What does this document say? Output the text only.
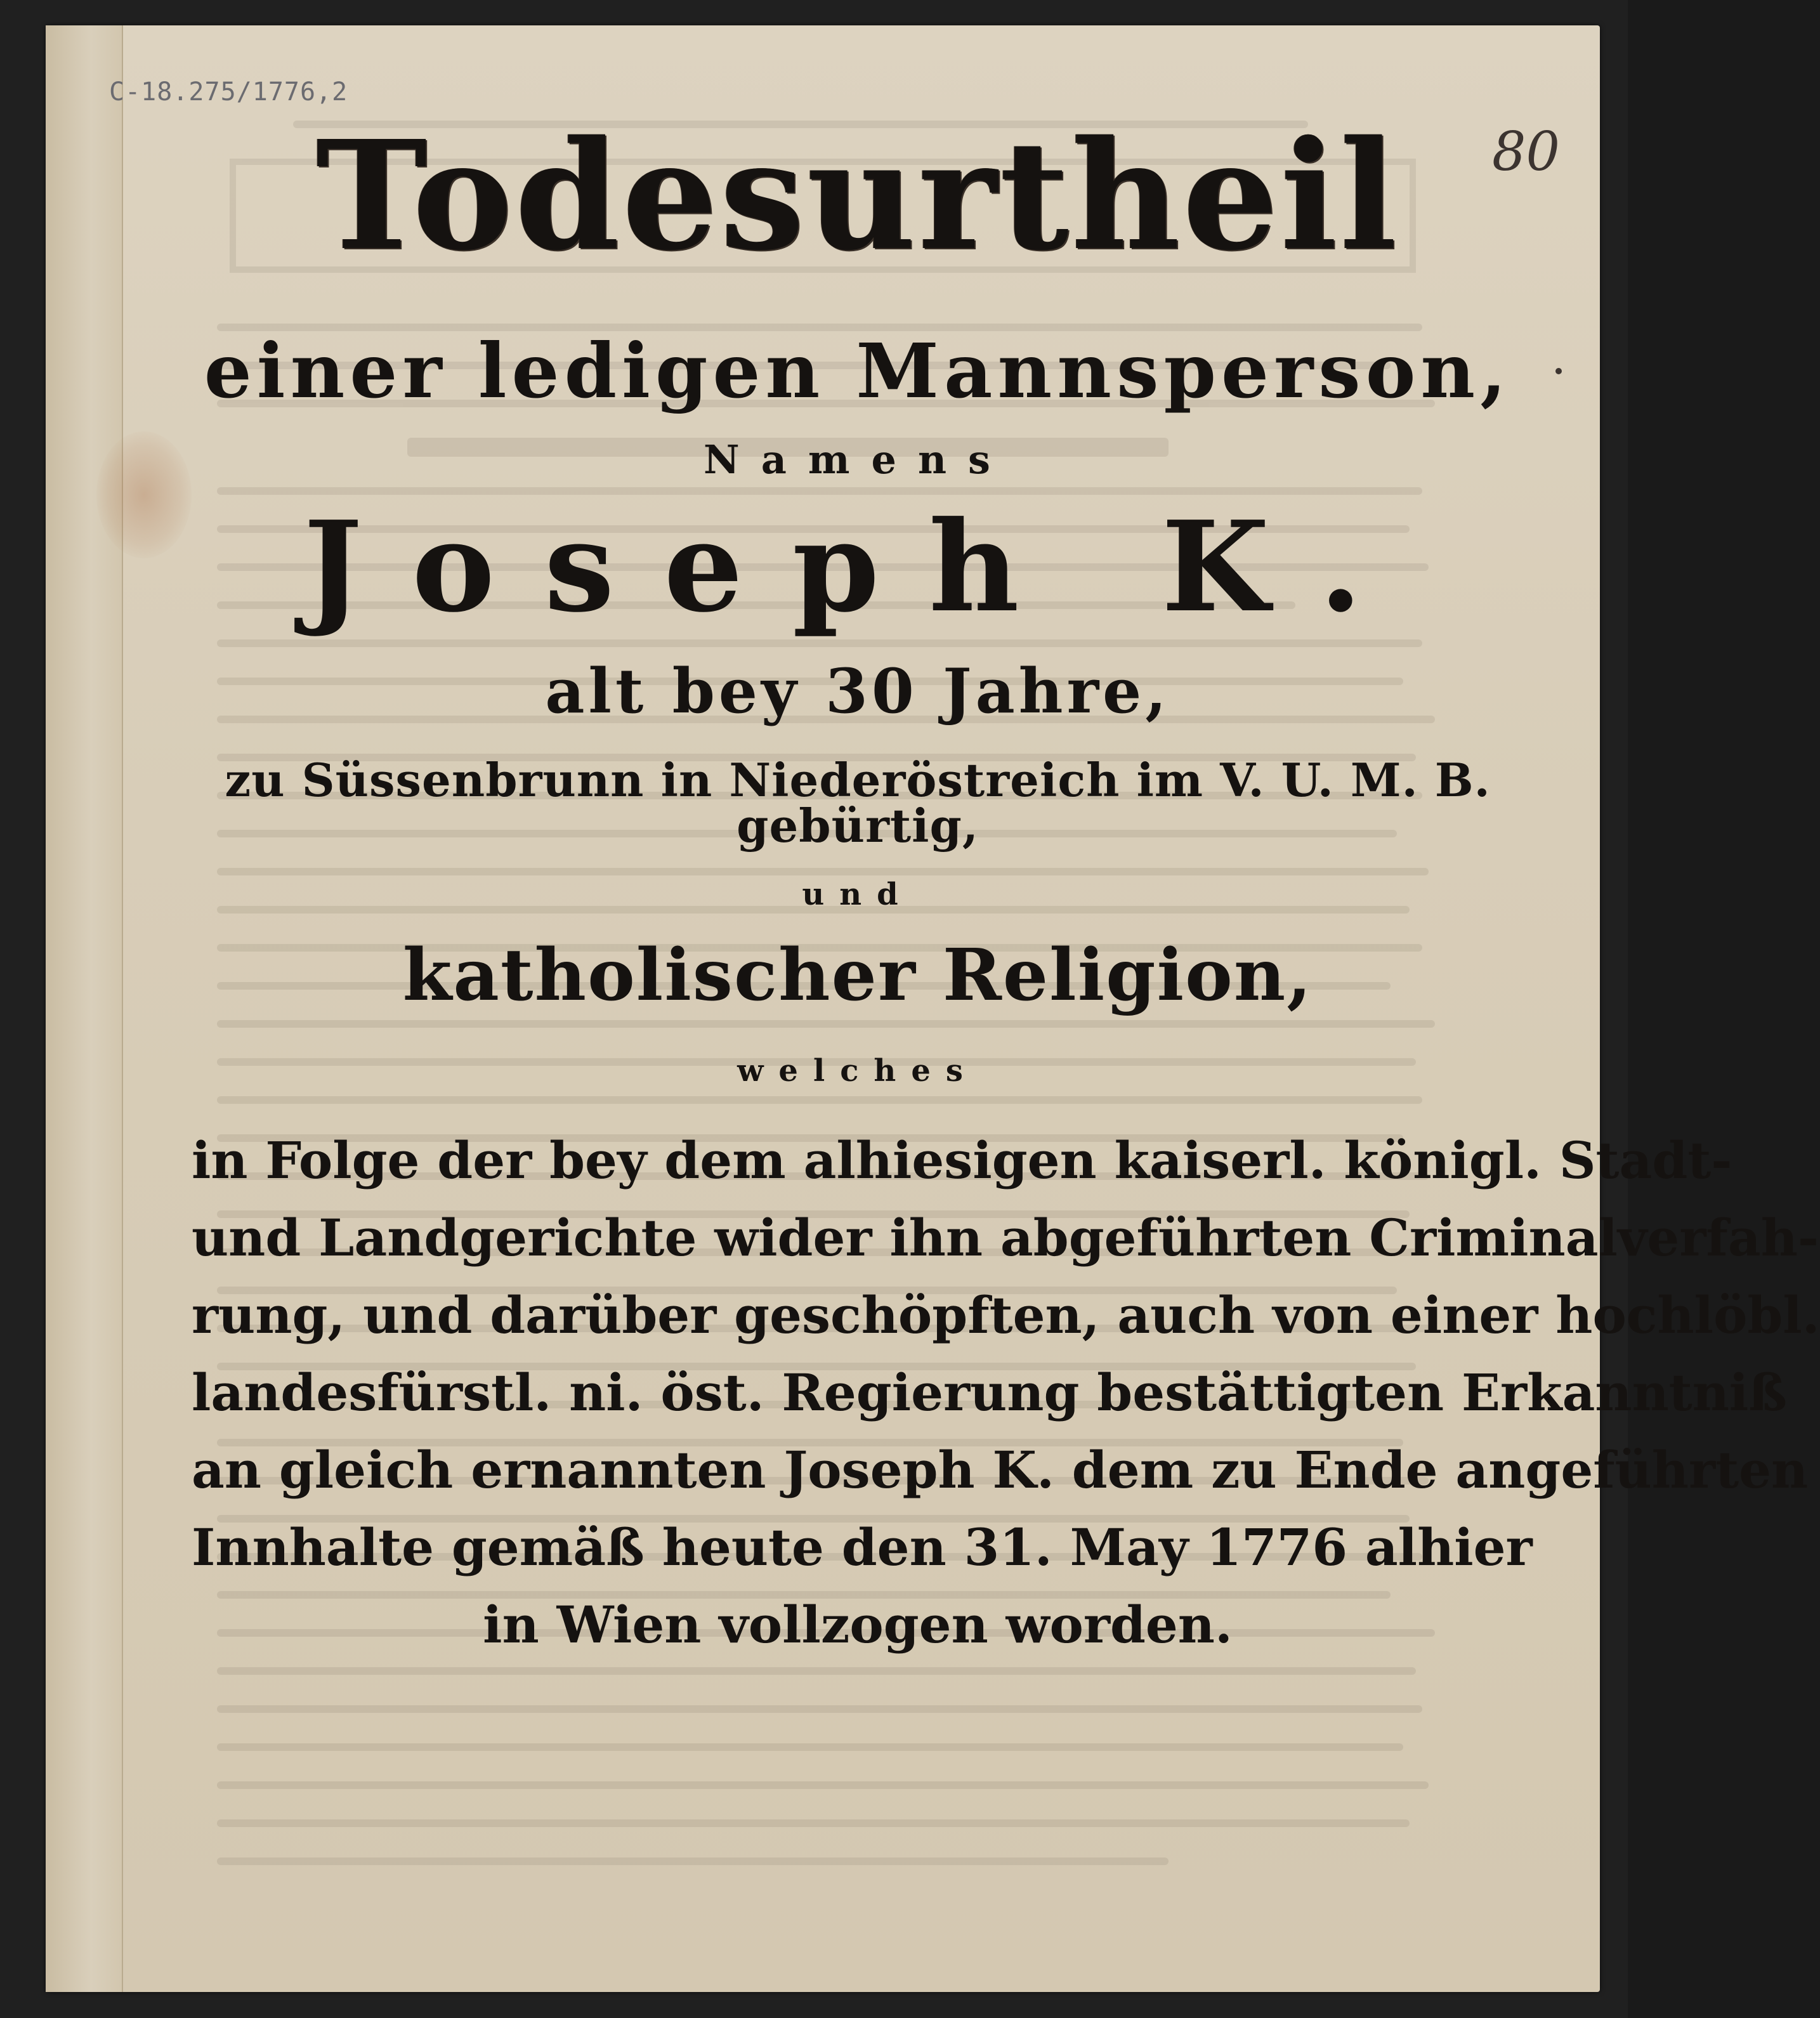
C-18.275/1776,2
80
Todesurtheil
einer ledigen Mannsperson,
Namens
Joseph K.
alt bey 30 Jahre,
zu Süssenbrunn in Niederöstreich im V. U. M. B. gebürtig,
und
katholischer Religion,
welches
in Folge der bey dem alhiesigen kaiserl. königl. Stadt-
und Landgerichte wider ihn abgeführten Criminalverfah-
rung, und darüber geschöpften, auch von einer hochlöbl.
landesfürstl. ni. öst. Regierung bestättigten Erkanntniß
an gleich ernannten Joseph K. dem zu Ende angeführten
Innhalte gemäß heute den 31. May 1776 alhier
in Wien vollzogen worden.
